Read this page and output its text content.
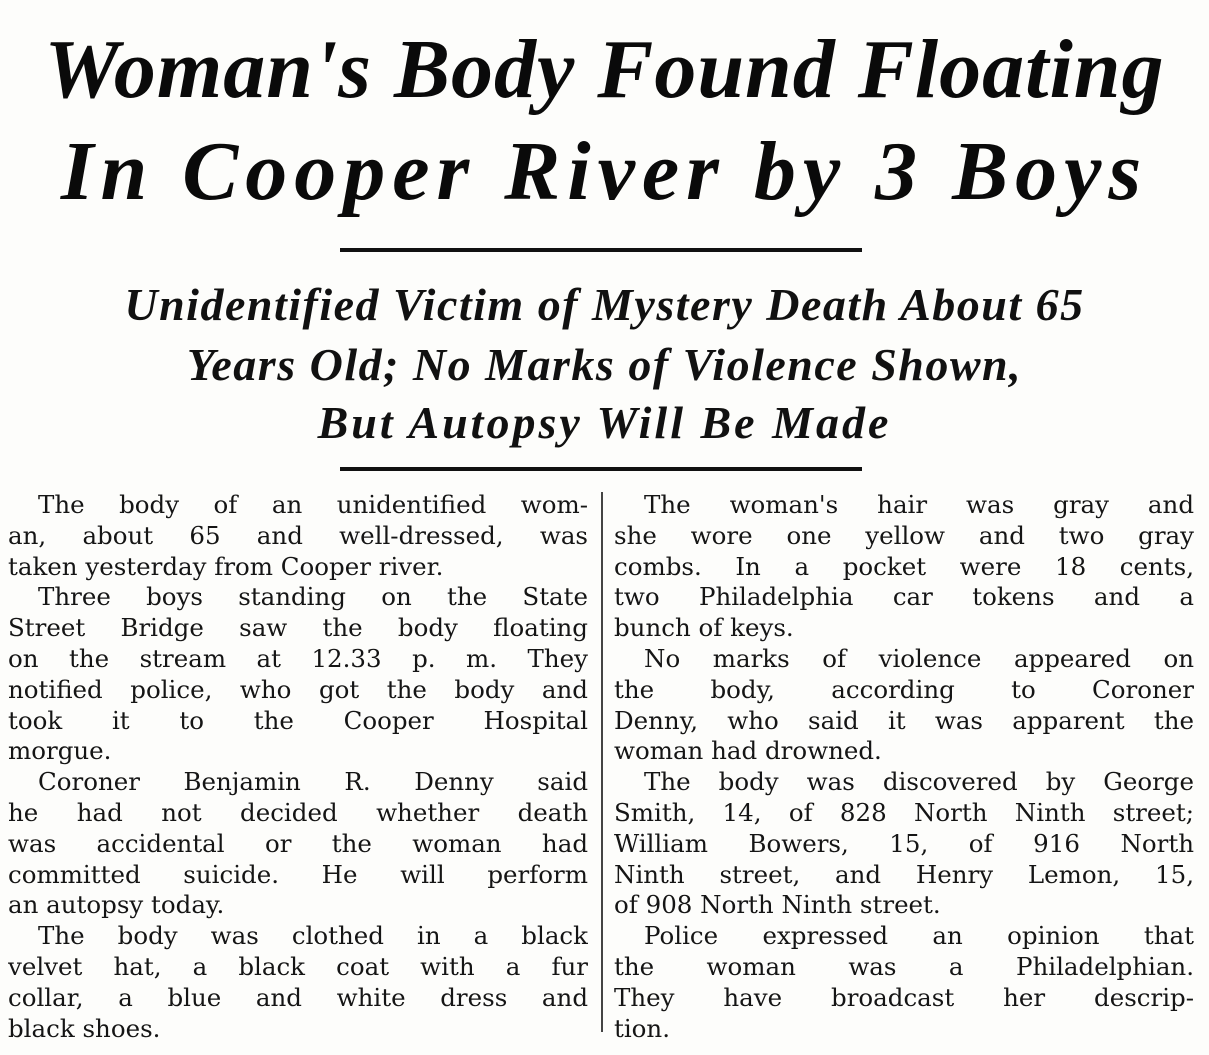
Woman's Body Found Floating
In Cooper River by 3 Boys
Unidentified Victim of Mystery Death About 65
Years Old; No Marks of Violence Shown,
But Autopsy Will Be Made
The body of an unidentified wom-
an, about 65 and well-dressed, was
taken yesterday from Cooper river.
Three boys standing on the State
Street Bridge saw the body floating
on the stream at 12.33 p. m. They
notified police, who got the body and
took it to the Cooper Hospital
morgue.
Coroner Benjamin R. Denny said
he had not decided whether death
was accidental or the woman had
committed suicide. He will perform
an autopsy today.
The body was clothed in a black
velvet hat, a black coat with a fur
collar, a blue and white dress and
black shoes.
The woman's hair was gray and
she wore one yellow and two gray
combs. In a pocket were 18 cents,
two Philadelphia car tokens and a
bunch of keys.
No marks of violence appeared on
the body, according to Coroner
Denny, who said it was apparent the
woman had drowned.
The body was discovered by George
Smith, 14, of 828 North Ninth street;
William Bowers, 15, of 916 North
Ninth street, and Henry Lemon, 15,
of 908 North Ninth street.
Police expressed an opinion that
the woman was a Philadelphian.
They have broadcast her descrip-
tion.
